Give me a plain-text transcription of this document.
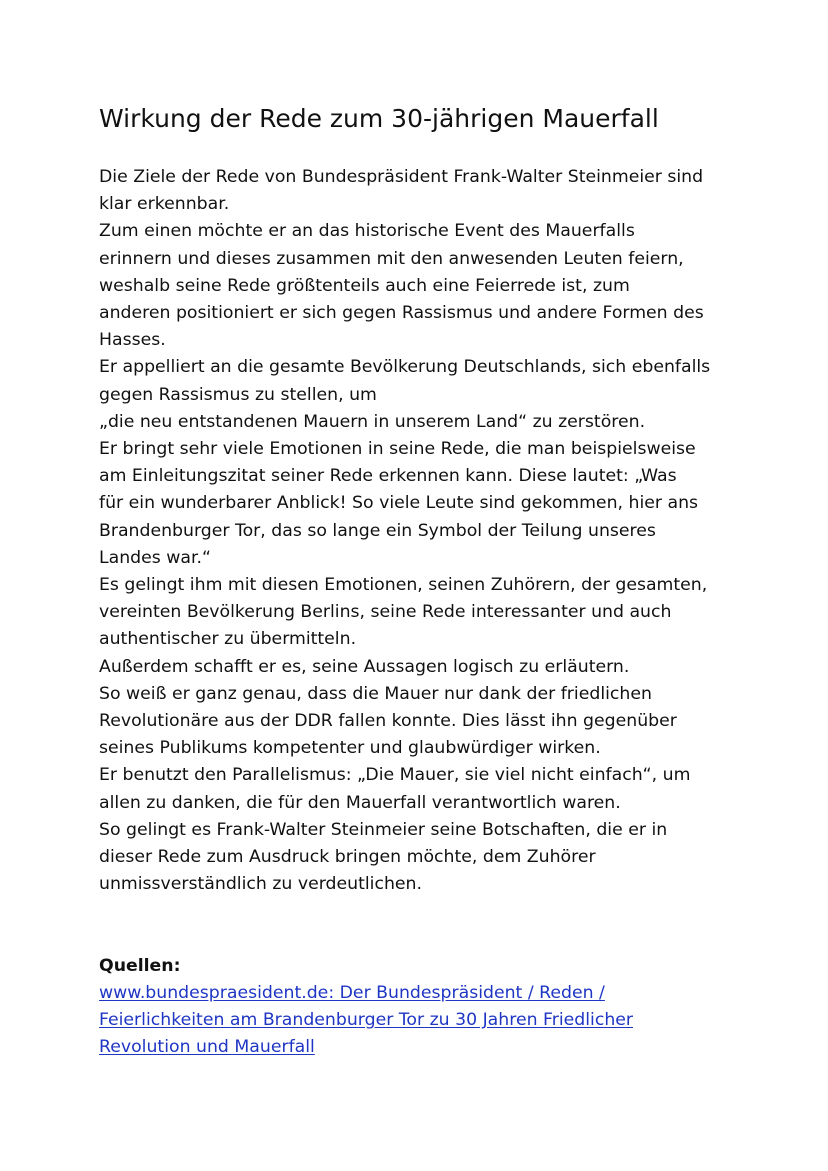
Wirkung der Rede zum 30-jährigen Mauerfall
Die Ziele der Rede von Bundespräsident Frank-Walter Steinmeier sind
klar erkennbar.
Zum einen möchte er an das historische Event des Mauerfalls
erinnern und dieses zusammen mit den anwesenden Leuten feiern,
weshalb seine Rede größtenteils auch eine Feierrede ist, zum
anderen positioniert er sich gegen Rassismus und andere Formen des
Hasses.
Er appelliert an die gesamte Bevölkerung Deutschlands, sich ebenfalls
gegen Rassismus zu stellen, um
„die neu entstandenen Mauern in unserem Land“ zu zerstören.
Er bringt sehr viele Emotionen in seine Rede, die man beispielsweise
am Einleitungszitat seiner Rede erkennen kann. Diese lautet: „Was
für ein wunderbarer Anblick! So viele Leute sind gekommen, hier ans
Brandenburger Tor, das so lange ein Symbol der Teilung unseres
Landes war.“
Es gelingt ihm mit diesen Emotionen, seinen Zuhörern, der gesamten,
vereinten Bevölkerung Berlins, seine Rede interessanter und auch
authentischer zu übermitteln.
Außerdem schafft er es, seine Aussagen logisch zu erläutern.
So weiß er ganz genau, dass die Mauer nur dank der friedlichen
Revolutionäre aus der DDR fallen konnte. Dies lässt ihn gegenüber
seines Publikums kompetenter und glaubwürdiger wirken.
Er benutzt den Parallelismus: „Die Mauer, sie viel nicht einfach“, um
allen zu danken, die für den Mauerfall verantwortlich waren.
So gelingt es Frank-Walter Steinmeier seine Botschaften, die er in
dieser Rede zum Ausdruck bringen möchte, dem Zuhörer
unmissverständlich zu verdeutlichen.
Quellen:
www.bundespraesident.de: Der Bundespräsident / Reden /
Feierlichkeiten am Brandenburger Tor zu 30 Jahren Friedlicher
Revolution und Mauerfall
